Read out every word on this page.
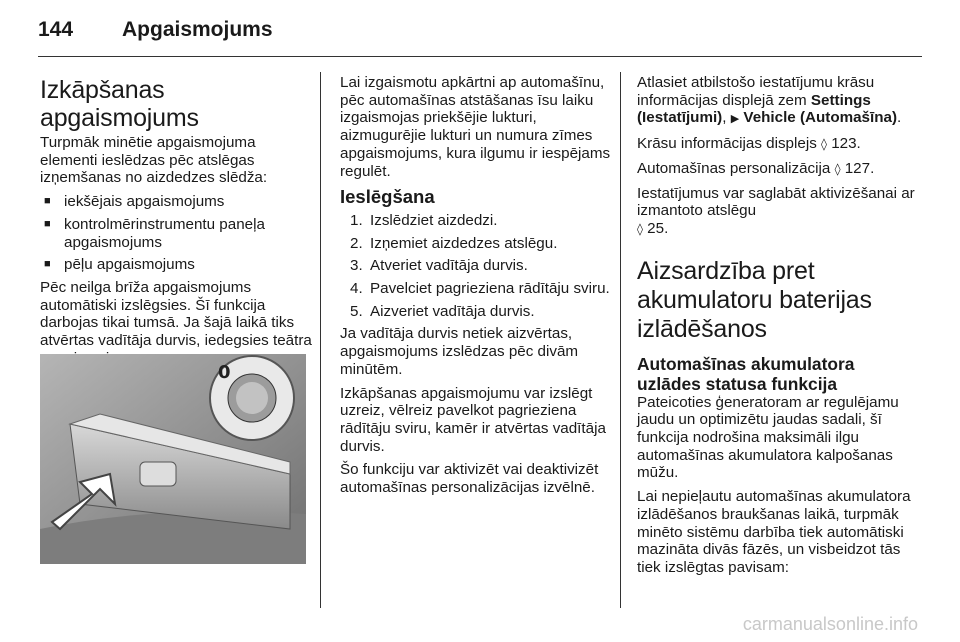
144 Apgaismojums
Izkāpšanas apgaismojums

Turpmāk minētie apgaismojuma elementi ieslēdzas pēc atslēgas izņemšanas no aizdedzes slēdža:

■ iekšējais apgaismojums
■ kontrolmērinstrumentu paneļa apgaismojums
■ pēļu apgaismojums

Pēc neilga brīža apgaismojums automātiski izslēgsies. Šī funkcija darbojas tikai tumsā. Ja šajā laikā tiks atvērtas vadītāja durvis, iedegsies teātra

0

Lai izgaismotu apkārtni ap automašīnu, pēc automašīnas atstāšanas īsu laiku izgaismojas priekšējie lukturi, aizmugurējie lukturi un numura zīmes apgaismojums, kura ilgumu ir iespējams regulēt.

Ieslēgšana
1. Izslēdziet aizdedzi.
2. Izņemiet aizdedzes atslēgu.
3. Atveriet vadītāja durvis.
4. Pavelciet pagrieziena rādītāju sviru.
5. Aizveriet vadītāja durvis.

Ja vadītāja durvis netiek aizvērtas, apgaismojums izslēdzas pēc divām minūtēm.

Izkāpšanas apgaismojumu var izslēgt uzreiz, vēlreiz pavelkot pagrieziena rādītāju sviru, kamēr ir atvērtas vadītāja durvis.

Šo funkciju var aktivizēt vai deaktivizēt automašīnas personalizācijas izvēlnē.

Atlasiet atbilstošo iestatījumu krāsu informācijas displejā zem Settings (Iestatījumi), ▶ Vehicle (Automašīna).

Krāsu informācijas displejs ◊ 123.

Automašīnas personalizācija ◊ 127.

Iestatījumus var saglabāt aktivizēšanai ar izmantoto atslēgu
◊ 25.

Aizsardzība pret akumulatoru baterijas izlādēšanos
Automašīnas akumulatora uzlādes statusa funkcija

Pateicoties ģeneratoram ar regulējamu jaudu un optimizētu jaudas sadali, šī funkcija nodrošina maksimāli ilgu automašīnas akumulatora kalpošanas mūžu.

Lai nepieļautu automašīnas akumulatora izlādēšanos braukšanas laikā, turpmāk minēto sistēmu darbība tiek automātiski mazināta divās fāzēs, un visbeidzot tās tiek izslēgtas pavisam:

carmanualsonline.info
